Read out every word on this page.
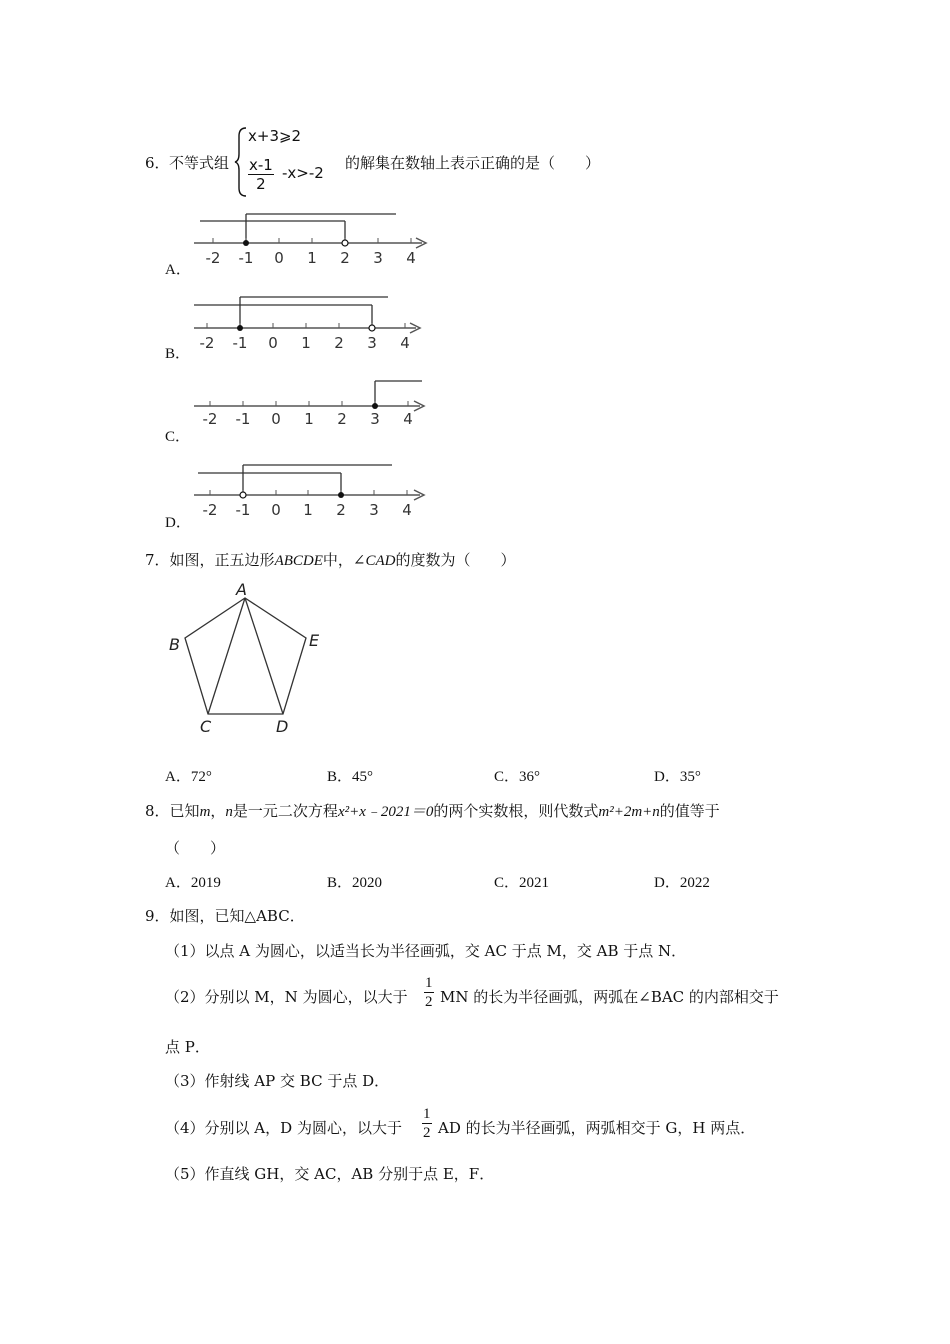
6． 不等式组
x+3⩾2
$\frac{x-1}{2} -x>-2$
的解集在数轴上表示正确的是（　　）
A．
-2 -1 0 1 2 3 4
B．
-2 -1 0 1 2 3 4
C．
-2 -1 0 1 2 3 4
D．
-2 -1 0 1 2 3 4
7．如图，正五边形ABCDE中，∠CAD的度数为（　　）
A
B
C	D
E
A．72°	B．45°	C．36°	D．35°
8．已知m，n是一元二次方程x²+x﹣2021＝0的两个实数根，则代数式m²+2m+n的值等于
（　　）
A．2019	B．2020	C．2021	D．2022
9．如图，已知△ABC．
（1）以点 A 为圆心，以适当长为半径画弧，交 AC 于点 M，交 AB 于点 N．
（2）分别以 M，N 为圆心，以大于 $\frac{1}{2}$ MN 的长为半径画弧，两弧在∠BAC 的内部相交于
点 P．
（3）作射线 AP 交 BC 于点 D．
（4）分别以 A，D 为圆心，以大于 $\frac{1}{2}$ AD 的长为半径画弧，两弧相交于 G，H 两点．
（5）作直线 GH，交 AC，AB 分别于点 E，F．
